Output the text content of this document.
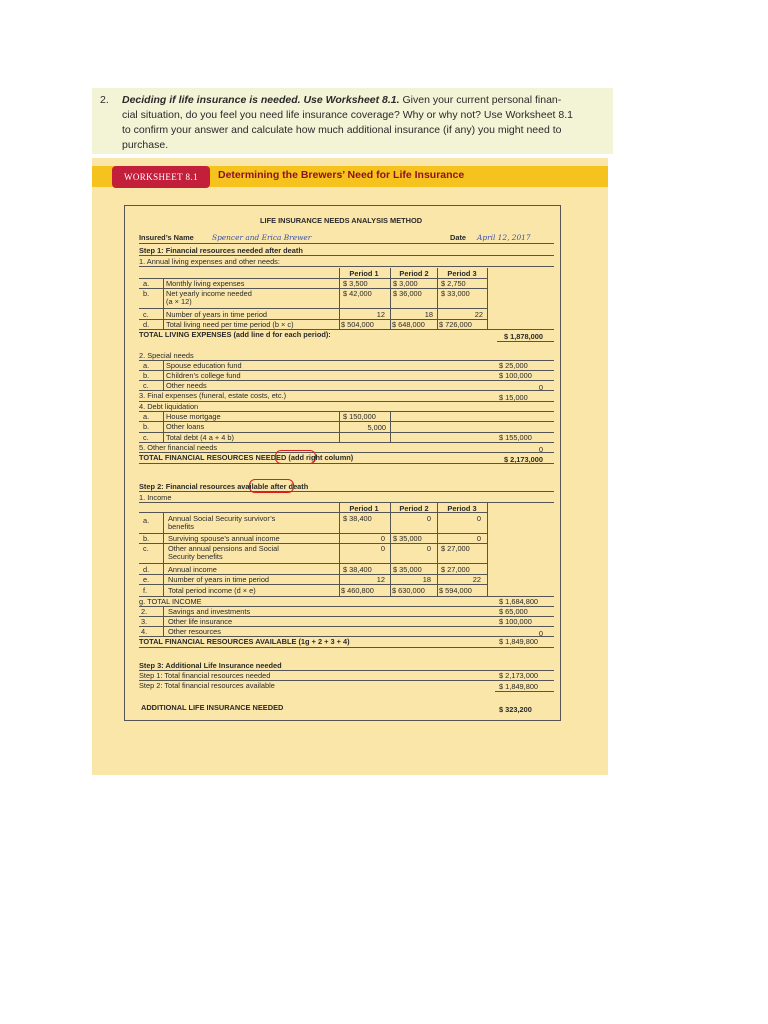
2. Deciding if life insurance is needed. Use Worksheet 8.1. Given your current personal finan-
cial situation, do you feel you need life insurance coverage? Why or why not? Use Worksheet 8.1
to confirm your answer and calculate how much additional insurance (if any) you might need to
purchase.
WORKSHEET 8.1	Determining the Brewers’ Need for Life Insurance
LIFE INSURANCE NEEDS ANALYSIS METHOD
Insured’s Name Spencer and Erica Brewer	Date April 12, 2017
Step 1: Financial resources needed after death
1. Annual living expenses and other needs:
Period 1	Period 2	Period 3
a. Monthly living expenses	$ 3,500	$ 3,000	$ 2,750
b. Net yearly income needed
(a × 12)
$ 42,000	$ 36,000	$ 33,000
c. Number of years in time period	12	18	22
d. Total living need per time period (b × c)	$ 504,000 $ 648,000 $ 726,000
TOTAL LIVING EXPENSES (add line d for each period):	$ 1,878,000
2. Special needs
a. Spouse education fund	$ 25,000
b. Children’s college fund	$ 100,000
c. Other needs	0
3. Final expenses (funeral, estate costs, etc.)	$ 15,000
4. Debt liquidation
a. House mortgage	$ 150,000
b. Other loans	5,000
c. Total debt (4 a + 4 b)	$ 155,000
5. Other financial needs	0
TOTAL FINANCIAL RESOURCES NEEDED (add right column)	$ 2,173,000
Step 2: Financial resources available after death
1. Income
Period 1	Period 2	Period 3
a.	Annual Social Security survivor’s
benefits
$ 38,400	0	0
b.	Surviving spouse’s annual income	0 $ 35,000	0
c.	Other annual pensions and Social
Security benefits
0	0 $ 27,000
d.	Annual income	$ 38,400	$ 35,000	$ 27,000
e.	Number of years in time period	12	18	22
f.	Total period income (d × e)	$ 460,800 $ 630,000 $ 594,000
g. TOTAL INCOME	$ 1,684,800
2.	Savings and investments	$ 65,000
3.	Other life insurance	$ 100,000
4.	Other resources	0
TOTAL FINANCIAL RESOURCES AVAILABLE (1g + 2 + 3 + 4)	$ 1,849,800
Step 3: Additional Life Insurance needed
Step 1: Total financial resources needed	$ 2,173,000
Step 2: Total financial resources available	$ 1,849,800
ADDITIONAL LIFE INSURANCE NEEDED	$ 323,200
